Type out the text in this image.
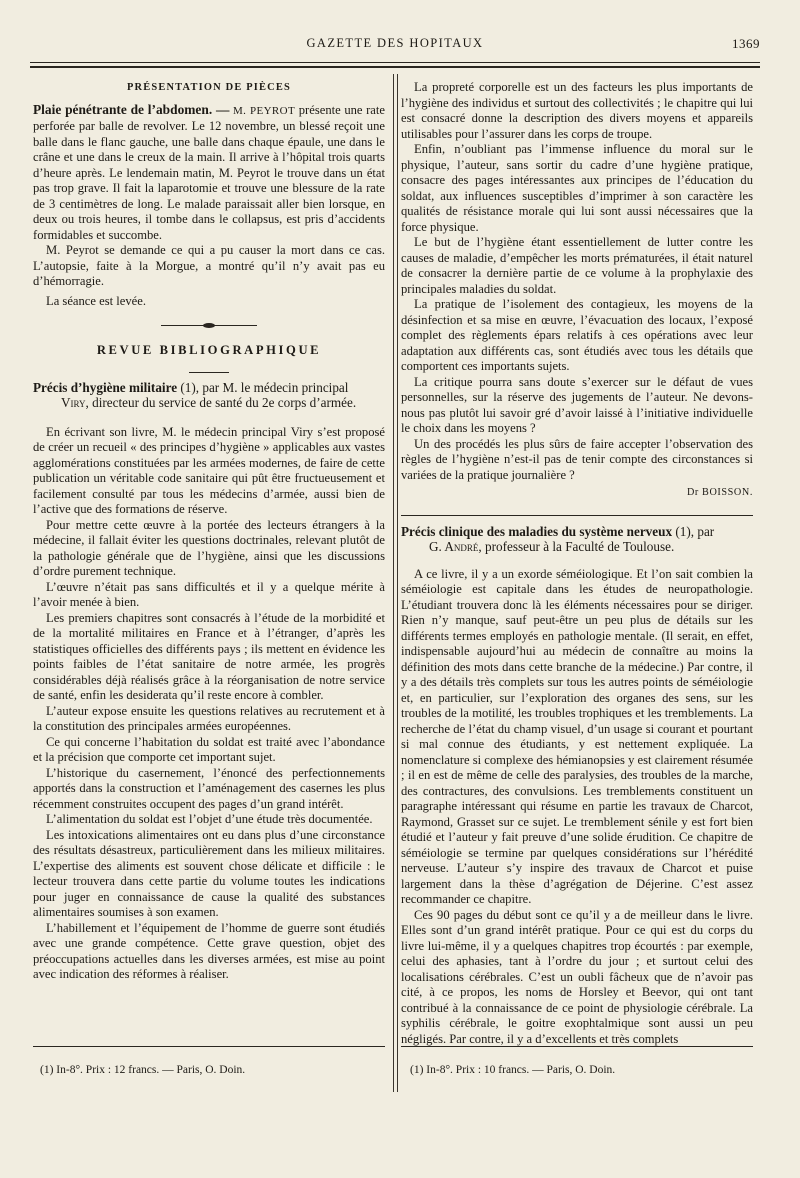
GAZETTE DES HOPITAUX	1369
PRÉSENTATION DE PIÈCES

Plaie pénétrante de l’abdomen. — M. PEYROT présente une rate perforée par balle de revolver. Le 12 novembre, un blessé reçoit une balle dans le flanc gauche, une balle dans chaque épaule, une dans le crâne et une dans le creux de la main. Il arrive à l’hôpital trois quarts d’heure après. Le lendemain matin, M. Peyrot le trouve dans un état pas trop grave. Il fait la laparotomie et trouve une blessure de la rate de 3 centimètres de long. Le malade paraissait aller bien lorsque, en deux ou trois heures, il tombe dans le collapsus, est pris d’accidents formidables et succombe.

M. Peyrot se demande ce qui a pu causer la mort dans ce cas. L’autopsie, faite à la Morgue, a montré qu’il n’y avait pas eu d’hémorragie.

La séance est levée.

REVUE BIBLIOGRAPHIQUE

Précis d’hygiène militaire (1), par M. le médecin principal

Viry, directeur du service de santé du 2e corps d’armée.

En écrivant son livre, M. le médecin principal Viry s’est proposé de créer un recueil « des principes d’hygiène » applicables aux vastes agglomérations constituées par les armées modernes, de faire de cette publication un véritable code sanitaire qui pût être fructueusement et facilement consulté par tous les médecins d’armée, aussi bien de l’active que des formations de réserve.

Pour mettre cette œuvre à la portée des lecteurs étrangers à la médecine, il fallait éviter les questions doctrinales, relevant plutôt de la pathologie générale que de l’hygiène, ainsi que les discussions d’ordre purement technique.

L’œuvre n’était pas sans difficultés et il y a quelque mérite à l’avoir menée à bien.

Les premiers chapitres sont consacrés à l’étude de la morbidité et de la mortalité militaires en France et à l’étranger, d’après les statistiques officielles des différents pays ; ils mettent en évidence les points faibles de l’état sanitaire de notre armée, les progrès considérables déjà réalisés grâce à la réorganisation de notre service de santé, enfin les desiderata qu’il reste encore à combler.

L’auteur expose ensuite les questions relatives au recrutement et à la constitution des principales armées européennes.

Ce qui concerne l’habitation du soldat est traité avec l’abondance et la précision que comporte cet important sujet.

L’historique du casernement, l’énoncé des perfectionnements apportés dans la construction et l’aménagement des casernes les plus récemment construites occupent des pages d’un grand intérêt.

L’alimentation du soldat est l’objet d’une étude très documentée.

Les intoxications alimentaires ont eu dans plus d’une circonstance des résultats désastreux, particulièrement dans les milieux militaires. L’expertise des aliments est souvent chose délicate et difficile : le lecteur trouvera dans cette partie du volume toutes les indications pour juger en connaissance de cause la qualité des substances alimentaires soumises à son examen.

L’habillement et l’équipement de l’homme de guerre sont étudiés avec une grande compétence. Cette grave question, objet des préoccupations actuelles dans les diverses armées, est mise au point avec indication des réformes à réaliser.

La propreté corporelle est un des facteurs les plus importants de l’hygiène des individus et surtout des collectivités ; le chapitre qui lui est consacré donne la description des divers moyens et appareils utilisables pour l’assurer dans les corps de troupe.

Enfin, n’oubliant pas l’immense influence du moral sur le physique, l’auteur, sans sortir du cadre d’une hygiène pratique, consacre des pages intéressantes aux principes de l’éducation du soldat, aux influences susceptibles d’imprimer à son caractère les qualités de résistance morale qui lui sont aussi nécessaires que la force physique.

Le but de l’hygiène étant essentiellement de lutter contre les causes de maladie, d’empêcher les morts prématurées, il était naturel de consacrer la dernière partie de ce volume à la prophylaxie des principales maladies du soldat.

La pratique de l’isolement des contagieux, les moyens de la désinfection et sa mise en œuvre, l’évacuation des locaux, l’exposé complet des règlements épars relatifs à ces opérations avec leur adaptation aux différents cas, sont étudiés avec tous les détails que comportent ces importants sujets.

La critique pourra sans doute s’exercer sur le défaut de vues personnelles, sur la réserve des jugements de l’auteur. Ne devons-nous pas plutôt lui savoir gré d’avoir laissé à l’initiative individuelle le choix dans les moyens ?

Un des procédés les plus sûrs de faire accepter l’observation des règles de l’hygiène n’est-il pas de tenir compte des circonstances si variées de la pratique journalière ?

Dr BOISSON.

Précis clinique des maladies du système nerveux (1), par

G. André, professeur à la Faculté de Toulouse.

A ce livre, il y a un exorde séméiologique. Et l’on sait combien la séméiologie est capitale dans les études de neuropathologie. L’étudiant trouvera donc là les éléments nécessaires pour se diriger. Rien n’y manque, sauf peut-être un peu plus de détails sur les différents termes employés en pathologie mentale. (Il serait, en effet, indispensable aujourd’hui au médecin de connaître au moins la définition des mots dans cette branche de la médecine.) Par contre, il y a des détails très complets sur tous les autres points de séméiologie et, en particulier, sur l’exploration des organes des sens, sur les troubles de la motilité, les troubles trophiques et les tremblements. La recherche de l’état du champ visuel, d’un usage si courant et pourtant si mal connue des étudiants, y est nettement expliquée. La nomenclature si complexe des hémianopsies y est clairement résumée ; il en est de même de celle des paralysies, des troubles de la marche, des contractures, des convulsions. Les tremblements constituent un paragraphe intéressant qui résume en partie les travaux de Charcot, Raymond, Grasset sur ce sujet. Le tremblement sénile y est fort bien étudié et l’auteur y fait preuve d’une solide érudition. Ce chapitre de séméiologie se termine par quelques considérations sur l’hérédité nerveuse. L’auteur s’y inspire des travaux de Charcot et puise largement dans la thèse d’agrégation de Déjerine. C’est assez recommander ce chapitre.

Ces 90 pages du début sont ce qu’il y a de meilleur dans le livre. Elles sont d’un grand intérêt pratique. Pour ce qui est du corps du livre lui-même, il y a quelques chapitres trop écourtés : par exemple, celui des aphasies, tant à l’ordre du jour ; et surtout celui des localisations cérébrales. C’est un oubli fâcheux que de n’avoir pas cité, à ce propos, les noms de Horsley et Beevor, qui ont tant contribué à la connaissance de ce point de physiologie cérébrale. La syphilis cérébrale, le goitre exophtalmique sont aussi un peu négligés. Par contre, il y a d’excellents et très complets

(1) In-8°. Prix : 12 francs. — Paris, O. Doin.	(1) In-8°. Prix : 10 francs. — Paris, O. Doin.
